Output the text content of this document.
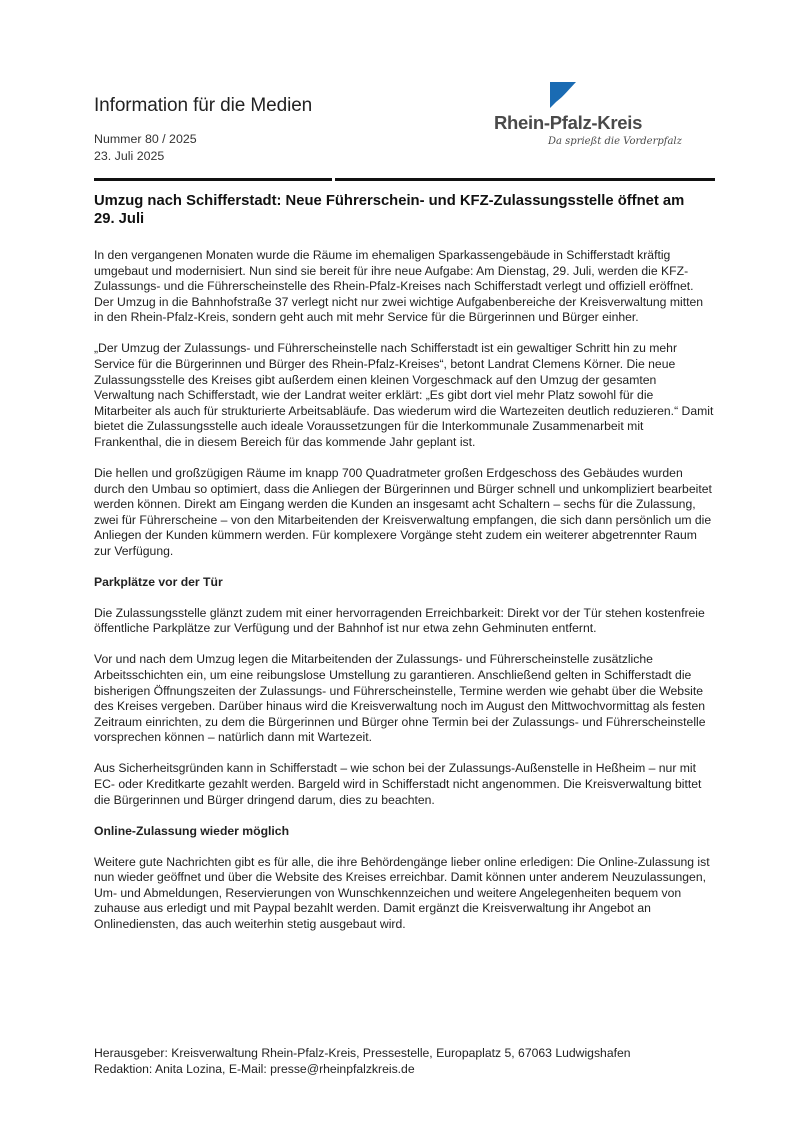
Information für die Medien
Nummer 80 / 2025
23. Juli 2025
Rhein-Pfalz-Kreis
Da sprießt die Vorderpfalz
Umzug nach Schifferstadt: Neue Führerschein- und KFZ-Zulassungsstelle öffnet am 29. Juli

In den vergangenen Monaten wurde die Räume im ehemaligen Sparkassengebäude in Schifferstadt kräftig umgebaut und modernisiert. Nun sind sie bereit für ihre neue Aufgabe: Am Dienstag, 29. Juli, werden die KFZ-Zulassungs- und die Führerscheinstelle des Rhein-Pfalz-Kreises nach Schifferstadt verlegt und offiziell eröffnet. Der Umzug in die Bahnhofstraße 37 verlegt nicht nur zwei wichtige Aufgabenbereiche der Kreisverwaltung mitten in den Rhein-Pfalz-Kreis, sondern geht auch mit mehr Service für die Bürgerinnen und Bürger einher.

„Der Umzug der Zulassungs- und Führerscheinstelle nach Schifferstadt ist ein gewaltiger Schritt hin zu mehr Service für die Bürgerinnen und Bürger des Rhein-Pfalz-Kreises“, betont Landrat Clemens Körner. Die neue Zulassungsstelle des Kreises gibt außerdem einen kleinen Vorgeschmack auf den Umzug der gesamten Verwaltung nach Schifferstadt, wie der Landrat weiter erklärt: „Es gibt dort viel mehr Platz sowohl für die Mitarbeiter als auch für strukturierte Arbeitsabläufe. Das wiederum wird die Wartezeiten deutlich reduzieren.“ Damit bietet die Zulassungsstelle auch ideale Voraussetzungen für die Interkommunale Zusammenarbeit mit Frankenthal, die in diesem Bereich für das kommende Jahr geplant ist.

Die hellen und großzügigen Räume im knapp 700 Quadratmeter großen Erdgeschoss des Gebäudes wurden durch den Umbau so optimiert, dass die Anliegen der Bürgerinnen und Bürger schnell und unkompliziert bearbeitet werden können. Direkt am Eingang werden die Kunden an insgesamt acht Schaltern – sechs für die Zulassung, zwei für Führerscheine – von den Mitarbeitenden der Kreisverwaltung empfangen, die sich dann persönlich um die Anliegen der Kunden kümmern werden. Für komplexere Vorgänge steht zudem ein weiterer abgetrennter Raum zur Verfügung.

Parkplätze vor der Tür

Die Zulassungsstelle glänzt zudem mit einer hervorragenden Erreichbarkeit: Direkt vor der Tür stehen kostenfreie öffentliche Parkplätze zur Verfügung und der Bahnhof ist nur etwa zehn Gehminuten entfernt.

Vor und nach dem Umzug legen die Mitarbeitenden der Zulassungs- und Führerscheinstelle zusätzliche Arbeitsschichten ein, um eine reibungslose Umstellung zu garantieren. Anschließend gelten in Schifferstadt die bisherigen Öffnungszeiten der Zulassungs- und Führerscheinstelle, Termine werden wie gehabt über die Website des Kreises vergeben. Darüber hinaus wird die Kreisverwaltung noch im August den Mittwochvormittag als festen Zeitraum einrichten, zu dem die Bürgerinnen und Bürger ohne Termin bei der Zulassungs- und Führerscheinstelle vorsprechen können – natürlich dann mit Wartezeit.

Aus Sicherheitsgründen kann in Schifferstadt – wie schon bei der Zulassungs-Außenstelle in Heßheim – nur mit EC- oder Kreditkarte gezahlt werden. Bargeld wird in Schifferstadt nicht angenommen. Die Kreisverwaltung bittet die Bürgerinnen und Bürger dringend darum, dies zu beachten.

Online-Zulassung wieder möglich

Weitere gute Nachrichten gibt es für alle, die ihre Behördengänge lieber online erledigen: Die Online-Zulassung ist nun wieder geöffnet und über die Website des Kreises erreichbar. Damit können unter anderem Neuzulassungen, Um- und Abmeldungen, Reservierungen von Wunschkennzeichen und weitere Angelegenheiten bequem von zuhause aus erledigt und mit Paypal bezahlt werden. Damit ergänzt die Kreisverwaltung ihr Angebot an Onlinediensten, das auch weiterhin stetig ausgebaut wird.

Herausgeber: Kreisverwaltung Rhein-Pfalz-Kreis, Pressestelle, Europaplatz 5, 67063 Ludwigshafen
Redaktion: Anita Lozina, E-Mail: presse@rheinpfalzkreis.de
